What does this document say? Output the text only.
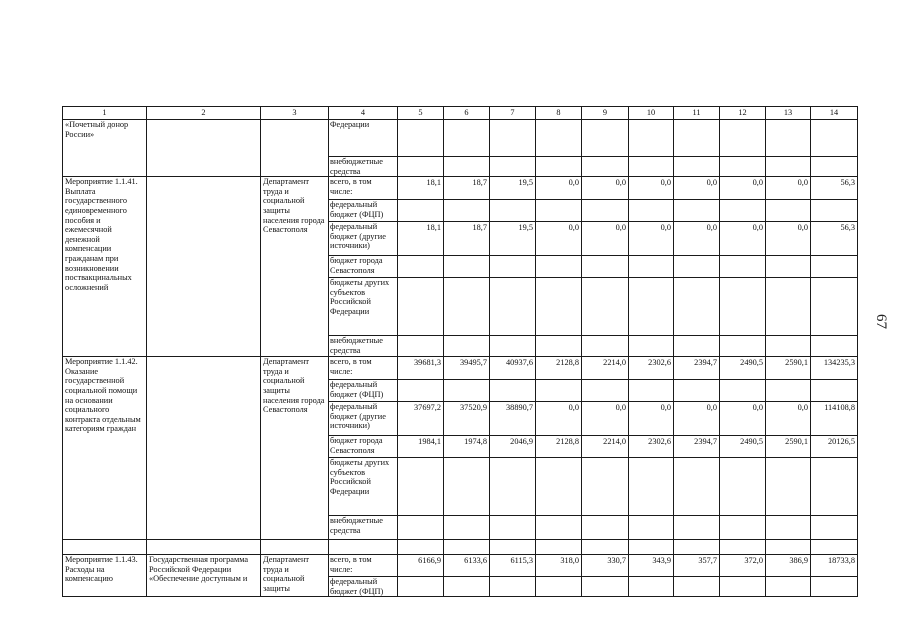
1	2	3	4	5	6	7	8	9	10	11	12	13	14
«Почетный донор России»			Федерации										
			внебюджетные средства										
Мероприятие 1.1.41. Выплата государственного единовременного пособия и ежемесячной денежной компенсации гражданам при возникновении поствакцинальных осложнений		Департамент труда и социальной защиты населения города Севастополя	всего, в том числе:	18,1	18,7	19,5	0,0	0,0	0,0	0,0	0,0	0,0	56,3
			федеральный бюджет (ФЦП)										
			федеральный бюджет (другие источники)	18,1	18,7	19,5	0,0	0,0	0,0	0,0	0,0	0,0	56,3
			бюджет города Севастополя										
			бюджеты других субъектов Российской Федерации										
			внебюджетные средства										
Мероприятие 1.1.42. Оказание государственной социальной помощи на основании социального контракта отдельным категориям граждан		Департамент труда и социальной защиты населения города Севастополя	всего, в том числе:	39681,3	39495,7	40937,6	2128,8	2214,0	2302,6	2394,7	2490,5	2590,1	134235,3
			федеральный бюджет (ФЦП)										
			федеральный бюджет (другие источники)	37697,2	37520,9	38890,7	0,0	0,0	0,0	0,0	0,0	0,0	114108,8
			бюджет города Севастополя	1984,1	1974,8	2046,9	2128,8	2214,0	2302,6	2394,7	2490,5	2590,1	20126,5
			бюджеты других субъектов Российской Федерации										
			внебюджетные средства										

Мероприятие 1.1.43. Расходы на компенсацию	Государственная программа Российской Федерации «Обеспечение доступным и	Департамент труда и социальной защиты	всего, в том числе:	6166,9	6133,6	6115,3	318,0	330,7	343,9	357,7	372,0	386,9	18733,8
			федеральный бюджет (ФЦП)										
67
